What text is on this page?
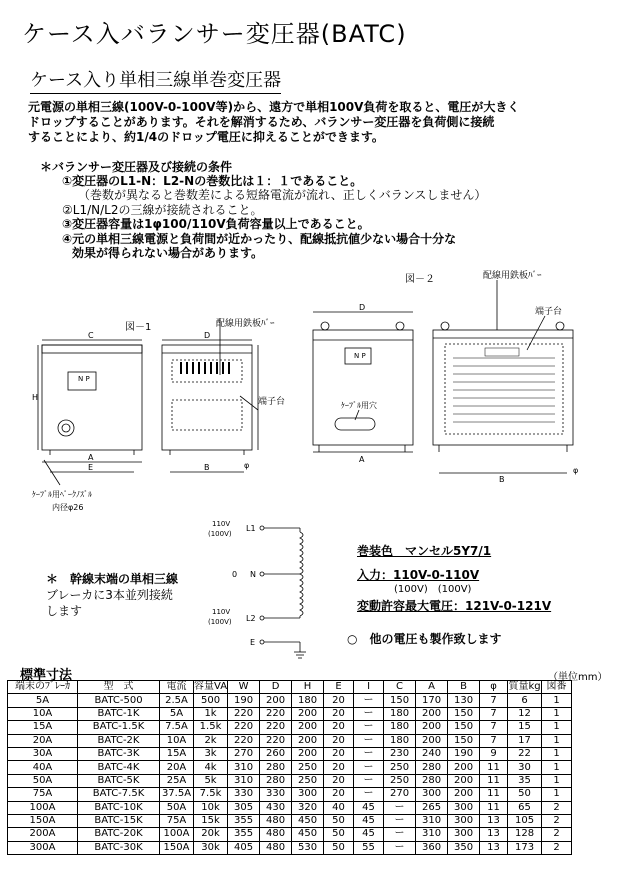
ケース入バランサー変圧器(BATC)
ケース入り単相三線単巻変圧器
元電源の単相三線(100V-0-100V等)から、遠方で単相100V負荷を取ると、電圧が大きく
ドロップすることがあります。それを解消するため、バランサー変圧器を負荷側に接続
することにより、約1/4のドロップ電圧に抑えることができます。
＊バランサー変圧器及び接続の条件
①変圧器のL1-N：L2-Nの巻数比は１：１であること。
（巻数が異なると巻数差による短絡電流が流れ、正しくバランスしません）
②L1/N/L2の三線が接続されること。
③変圧器容量は1φ100/110V負荷容量以上であること。
④元の単相三線電源と負荷間が近かったり、配線抵抗値少ない場合十分な
効果が得られない場合があります。
図－1	配線用鉄板ﾊﾞｰ
端子台
C	D
H
N P
A
E	B	φ
ｹｰﾌﾞﾙ用ﾍﾟｰｸﾉｽﾞﾙ
内径φ26
図－２	配線用鉄板ﾊﾞｰ
端子台
ｹｰﾌﾞﾙ用穴
D
N P
A
B
φ
110V
(100V)
110V
(100V)
L1
N
0
L2
E
＊　幹線末端の単相三線
ブレーカに3本並列接続
します
巻装色　マンセル5Y7/1
入力：110V-0-110V
(100V)　(100V)
変動許容最大電圧：121V-0-121V
○　他の電圧も製作致します
標準寸法	（単位mm）
端末のﾌﾞﾚｰｶ	型　式	電流	容量VA	W	D	H	E	I	C	A	B	φ	質量kg	図番
5A	BATC-500	2.5A	500	190	200	180	20	ー	150	170	130	7	6	1
10A	BATC-1K	5A	1k	220	220	200	20	ー	180	200	150	7	12	1
15A	BATC-1.5K	7.5A	1.5k	220	220	200	20	ー	180	200	150	7	15	1
20A	BATC-2K	10A	2k	220	220	200	20	ー	180	200	150	7	17	1
30A	BATC-3K	15A	3k	270	260	200	20	ー	230	240	190	9	22	1
40A	BATC-4K	20A	4k	310	280	250	20	ー	250	280	200	11	30	1
50A	BATC-5K	25A	5k	310	280	250	20	ー	250	280	200	11	35	1
75A	BATC-7.5K	37.5A	7.5k	330	330	300	20	ー	270	300	200	11	50	1
100A	BATC-10K	50A	10k	305	430	320	40	45	ー	265	300	11	65	2
150A	BATC-15K	75A	15k	355	480	450	50	45	ー	310	300	13	105	2
200A	BATC-20K	100A	20k	355	480	450	50	45	ー	310	300	13	128	2
300A	BATC-30K	150A	30k	405	480	530	50	55	ー	360	350	13	173	2
